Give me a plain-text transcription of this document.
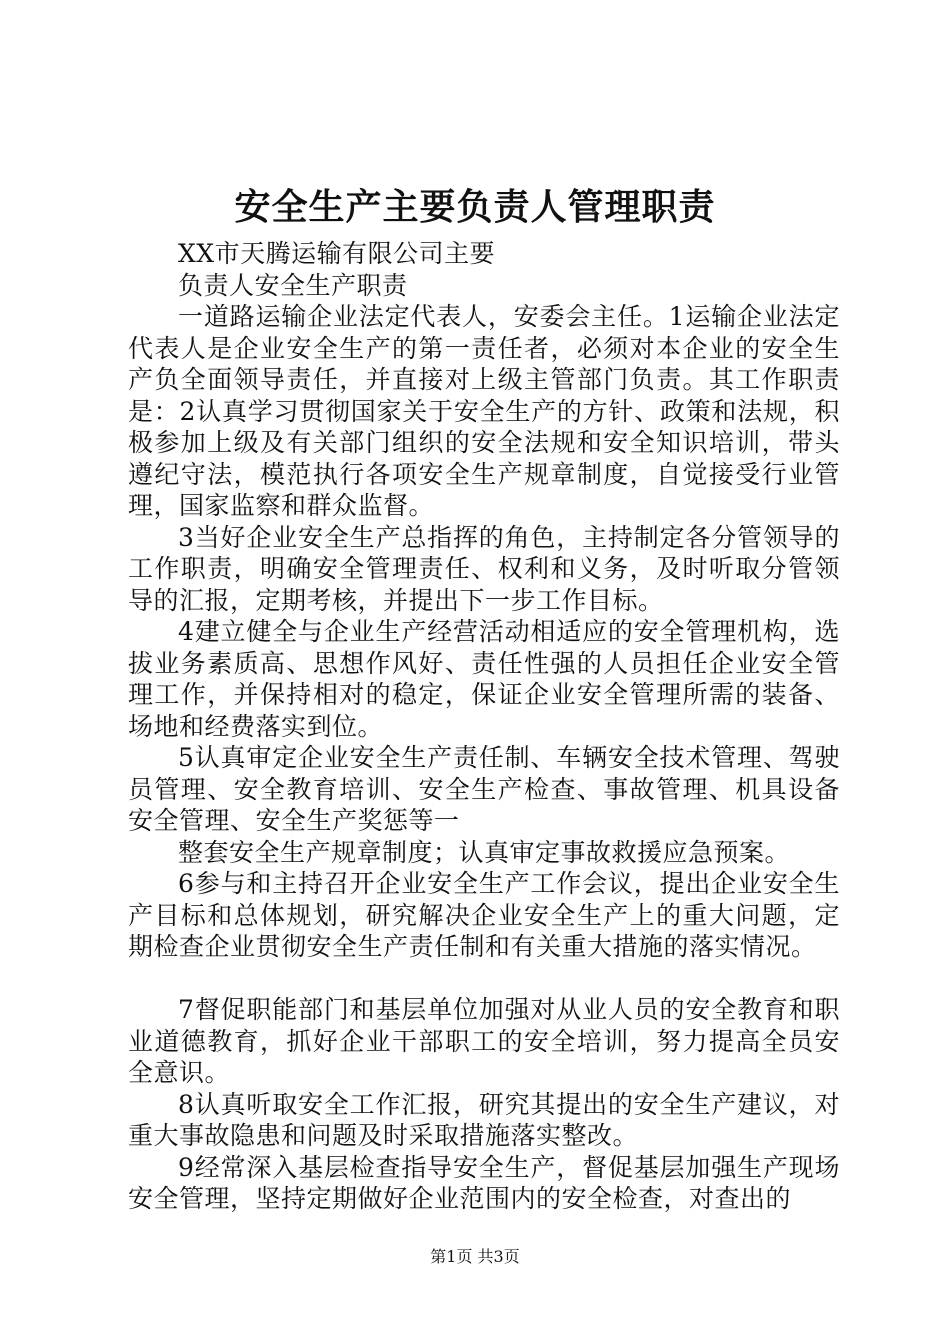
安全生产主要负责人管理职责

XX市天腾运输有限公司主要

负责人安全生产职责

一道路运输企业法定代表人，安委会主任。1运输企业法定代表人是企业安全生产的第一责任者，必须对本企业的安全生产负全面领导责任，并直接对上级主管部门负责。其工作职责是：2认真学习贯彻国家关于安全生产的方针、政策和法规，积极参加上级及有关部门组织的安全法规和安全知识培训，带头遵纪守法，模范执行各项安全生产规章制度，自觉接受行业管理，国家监察和群众监督。

3当好企业安全生产总指挥的角色，主持制定各分管领导的工作职责，明确安全管理责任、权利和义务，及时听取分管领导的汇报，定期考核，并提出下一步工作目标。

4建立健全与企业生产经营活动相适应的安全管理机构，选拔业务素质高、思想作风好、责任性强的人员担任企业安全管理工作，并保持相对的稳定，保证企业安全管理所需的装备、场地和经费落实到位。

5认真审定企业安全生产责任制、车辆安全技术管理、驾驶员管理、安全教育培训、安全生产检查、事故管理、机具设备安全管理、安全生产奖惩等一

整套安全生产规章制度；认真审定事故救援应急预案。

6参与和主持召开企业安全生产工作会议，提出企业安全生产目标和总体规划，研究解决企业安全生产上的重大问题，定期检查企业贯彻安全生产责任制和有关重大措施的落实情况。

7督促职能部门和基层单位加强对从业人员的安全教育和职业道德教育，抓好企业干部职工的安全培训，努力提高全员安全意识。

8认真听取安全工作汇报，研究其提出的安全生产建议，对重大事故隐患和问题及时采取措施落实整改。

9经常深入基层检查指导安全生产，督促基层加强生产现场安全管理，坚持定期做好企业范围内的安全检查，对查出的

第1页 共3页
